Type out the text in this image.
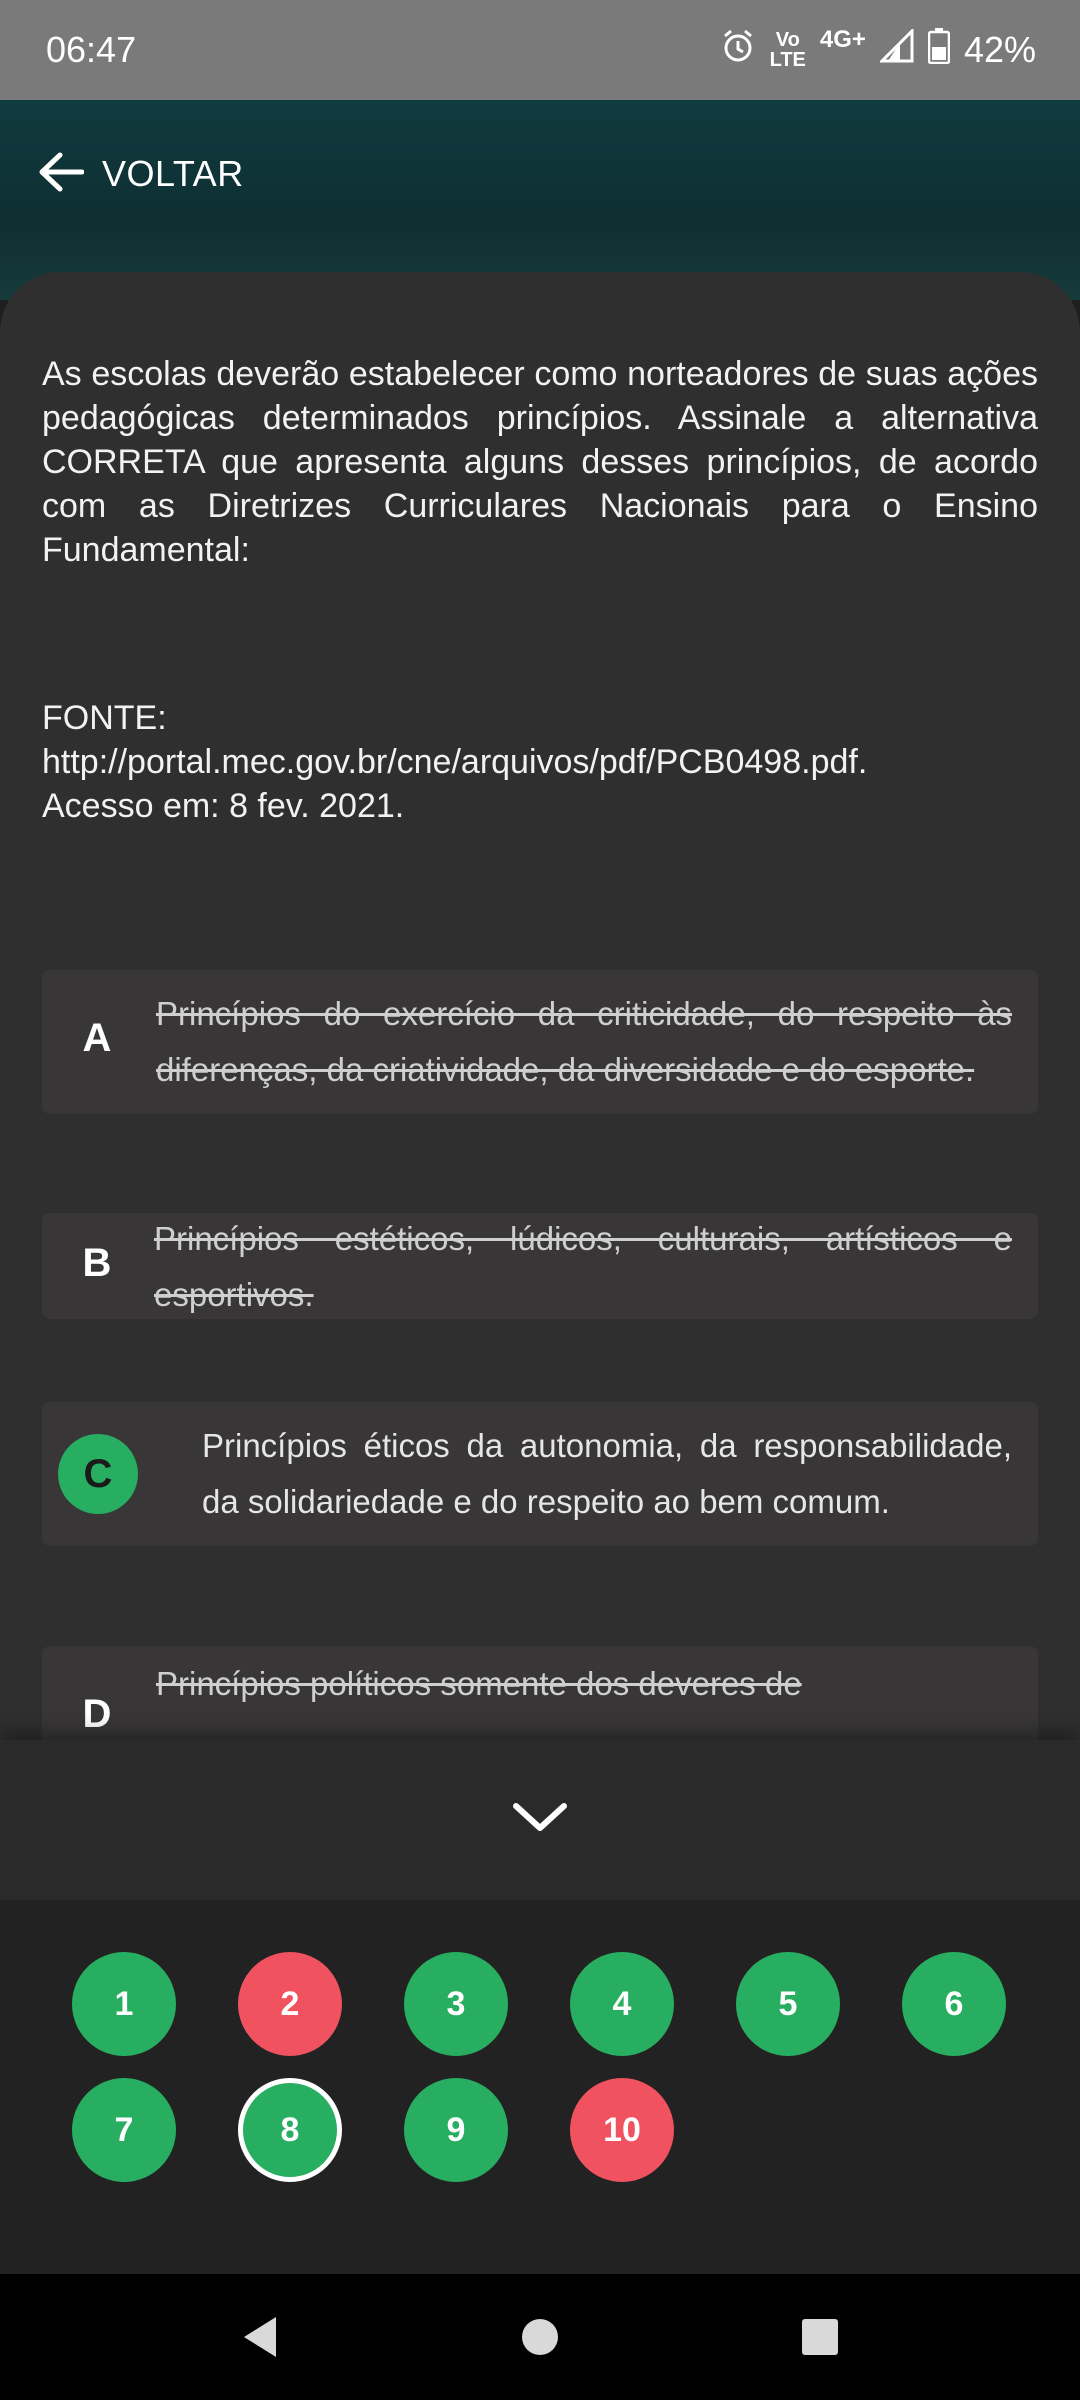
06:47	Vo
LTE
4G+	42%
VOLTAR
As escolas deverão estabelecer como norteadores de suas ações pedagógicas determinados princípios. Assinale a alternativa CORRETA que apresenta alguns desses princípios, de acordo com as Diretrizes Curriculares Nacionais para o Ensino Fundamental:
FONTE:
http://portal.mec.gov.br/cne/arquivos/pdf/PCB0498.pdf.
Acesso em: 8 fev. 2021.
A
Princípios do exercício da criticidade, do respeito às diferenças, da criatividade, da diversidade e do esporte.
B
Princípios estéticos, lúdicos, culturais, artísticos e esportivos.
C
Princípios éticos da autonomia, da responsabilidade, da solidariedade e do respeito ao bem comum.
D
Princípios políticos somente dos deveres de
1	2	3	4	5	6
7	8	9	10
